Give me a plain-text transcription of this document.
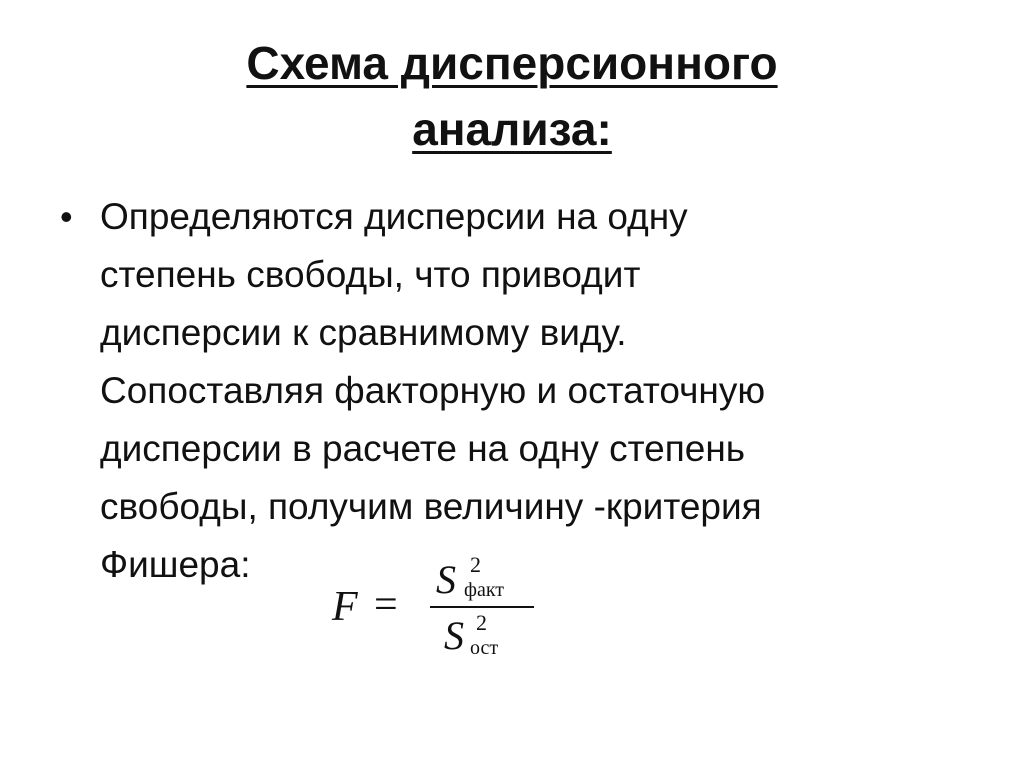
Схема дисперсионного
анализа:
• Определяются дисперсии на одну
степень свободы, что приводит
дисперсии к сравнимому виду.
Сопоставляя факторную и остаточную
дисперсии в расчете на одну степень
свободы, получим величину -критерия
Фишера:
F =
S 2
факт
S 2
ост
